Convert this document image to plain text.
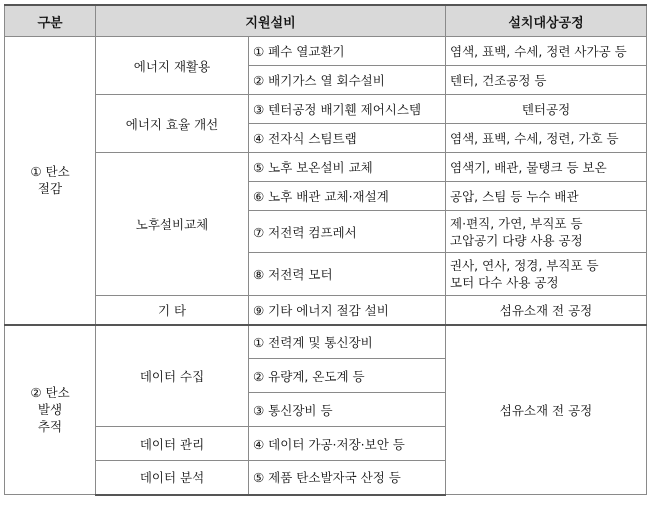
구분	지원설비		설치대상공정

① 탄소
절감	에너지 재활용	① 폐수 열교환기	염색, 표백, 수세, 정련 사가공 등
		② 배기가스 열 회수설비	텐터, 건조공정 등
	에너지 효율 개선	③ 텐터공정 배기휀 제어시스템	텐터공정
		④ 전자식 스팀트랩	염색, 표백, 수세, 정련, 가호 등
	노후설비교체	⑤ 노후 보온설비 교체	염색기, 배관, 물탱크 등 보온
		⑥ 노후 배관 교체·재설계	공압, 스팀 등 누수 배관
		⑦ 저전력 컴프레서	제·편직, 가연, 부직포 등
고압공기 다량 사용 공정

		⑧ 저전력 모터	권사, 연사, 정경, 부직포 등
모터 다수 사용 공정

	기 타	⑨ 기타 에너지 절감 설비	섬유소재 전 공정

② 탄소
발생
추적	데이터 수집	① 전력계 및 통신장비	섬유소재 전 공정
		② 유량계, 온도계 등	
		③ 통신장비 등	
	데이터 관리	④ 데이터 가공·저장·보안 등	
	데이터 분석	⑤ 제품 탄소발자국 산정 등	
